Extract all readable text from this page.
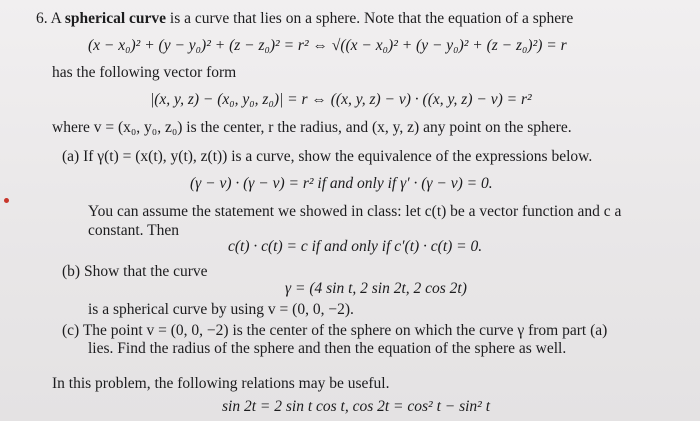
6. A spherical curve is a curve that lies on a sphere. Note that the equation of a sphere
(x − x₀)² + (y − y₀)² + (z − z₀)² = r² ⇔ √((x − x₀)² + (y − y₀)² + (z − z₀)²) = r
has the following vector form
|(x, y, z) − (x₀, y₀, z₀)| = r ⇔ ((x, y, z) − v) · ((x, y, z) − v) = r²
where v = (x₀, y₀, z₀) is the center, r the radius, and (x, y, z) any point on the sphere.
(a) If γ(t) = (x(t), y(t), z(t)) is a curve, show the equivalence of the expressions below.
(γ − v) · (γ − v) = r² if and only if γ′ · (γ − v) = 0.
You can assume the statement we showed in class: let c(t) be a vector function and c a
constant. Then
c(t) · c(t) = c if and only if c′(t) · c(t) = 0.
(b) Show that the curve
γ = (4 sin t, 2 sin 2t, 2 cos 2t)
is a spherical curve by using v = (0, 0, −2).
(c) The point v = (0, 0, −2) is the center of the sphere on which the curve γ from part (a)
lies. Find the radius of the sphere and then the equation of the sphere as well.
In this problem, the following relations may be useful.
sin 2t = 2 sin t cos t, cos 2t = cos² t − sin² t
